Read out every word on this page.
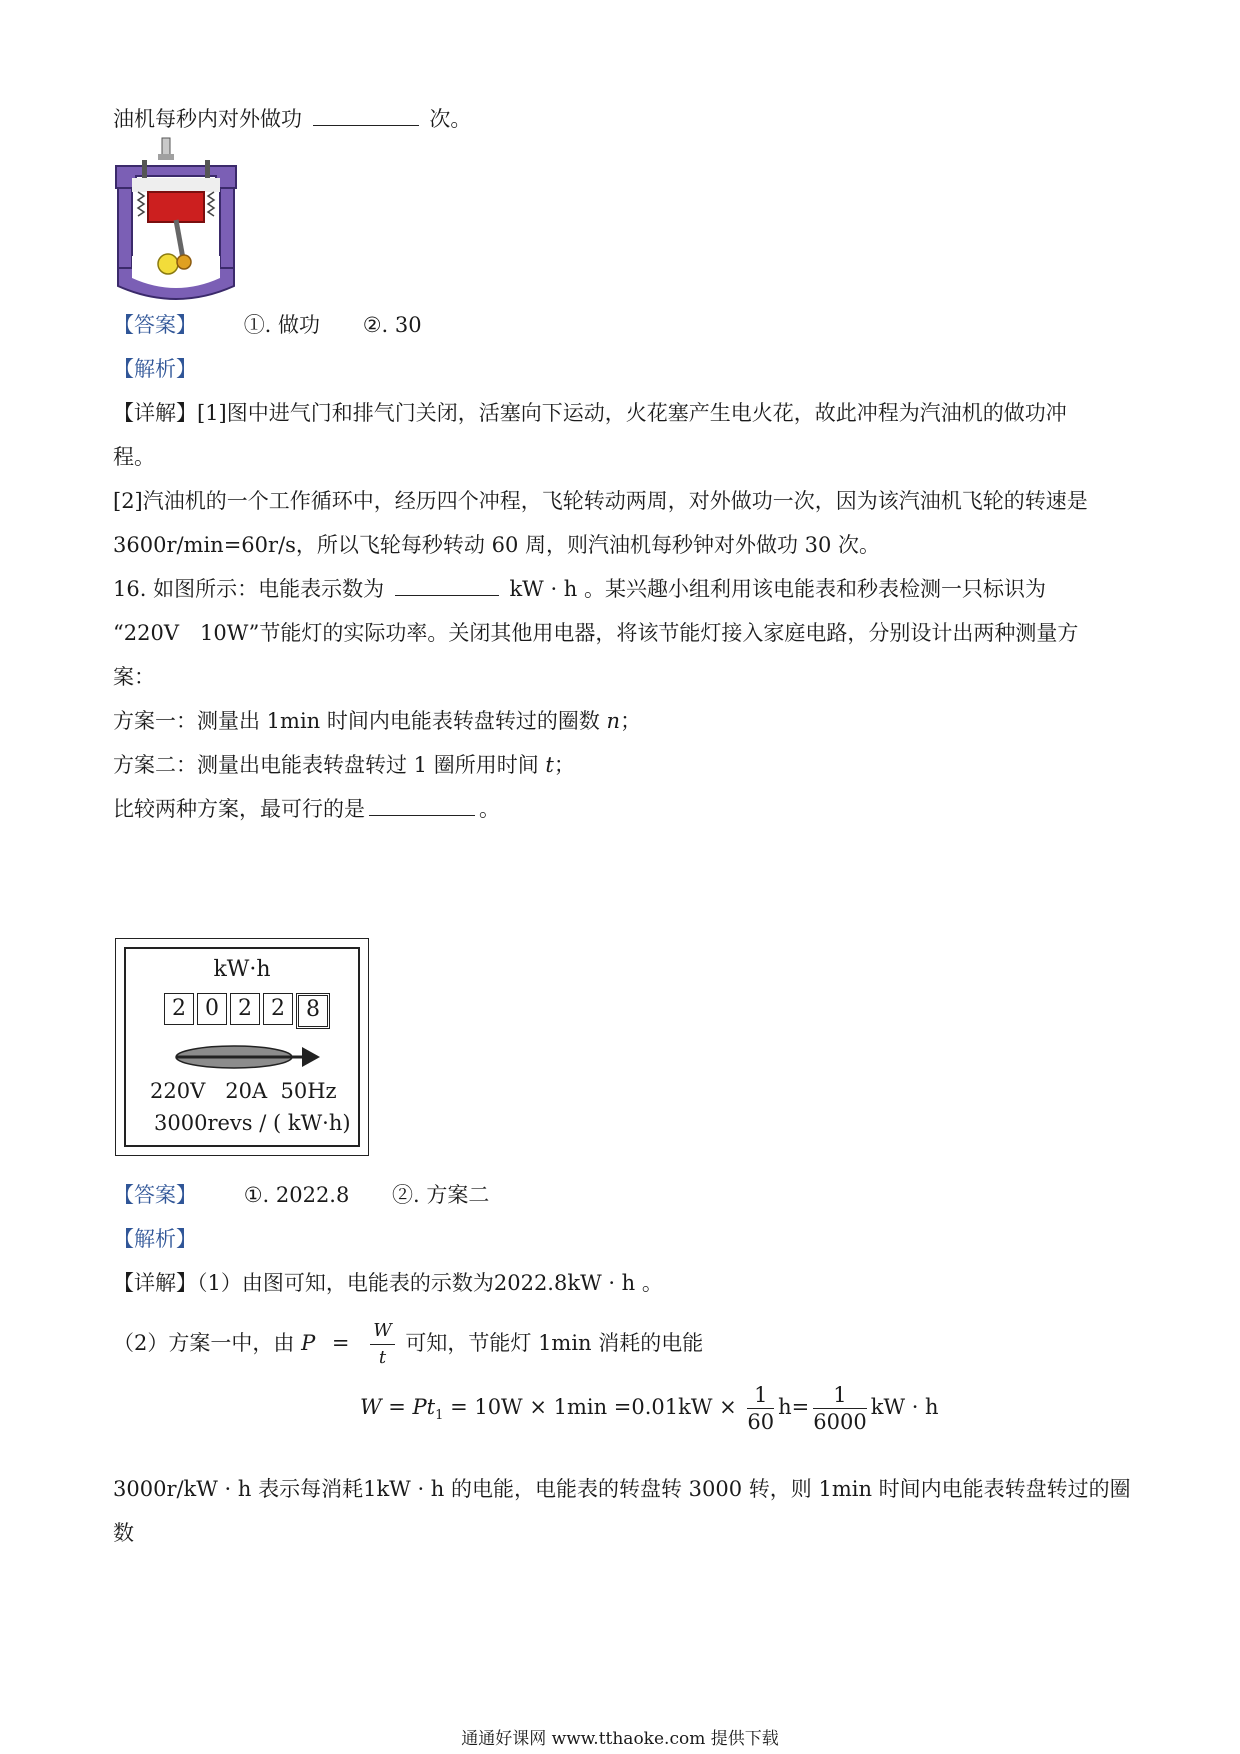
油机每秒内对外做功	次。
【答案】 ①. 做功 ②. 30
【解析】
【详解】[1]图中进气门和排气门关闭，活塞向下运动，火花塞产生电火花，故此冲程为汽油机的做功冲
程。
[2]汽油机的一个工作循环中，经历四个冲程，飞轮转动两周，对外做功一次，因为该汽油机飞轮的转速是
3600r/min=60r/s，所以飞轮每秒转动 60 周，则汽油机每秒钟对外做功 30 次。
16. 如图所示：电能表示数为	kW · h 。某兴趣小组利用该电能表和秒表检测一只标识为
“220V　10W”节能灯的实际功率。关闭其他用电器，将该节能灯接入家庭电路，分别设计出两种测量方
案：
方案一：测量出 1min 时间内电能表转盘转过的圈数 n；
方案二：测量出电能表转盘转过 1 圈所用时间 t；
比较两种方案，最可行的是	。
kW·h
2 0 2 2 8
220V   20A  50Hz
3000revs / ( kW·h)
【答案】 ①. 2022.8 ②. 方案二
【解析】
【详解】（1）由图可知，电能表的示数为2022.8kW · h 。
（2）方案一中，由 $P = \frac{W}{t}$ 可知，节能灯 1min 消耗的电能
$W = Pt_1 = 10W \times 1\min =0.01kW \times \frac{1}{60} h= \frac{1}{6000}$ kW · h
3000r/kW · h 表示每消耗1kW · h 的电能，电能表的转盘转 3000 转，则 1min 时间内电能表转盘转过的圈
数
通通好课网 www.tthaoke.com 提供下载
